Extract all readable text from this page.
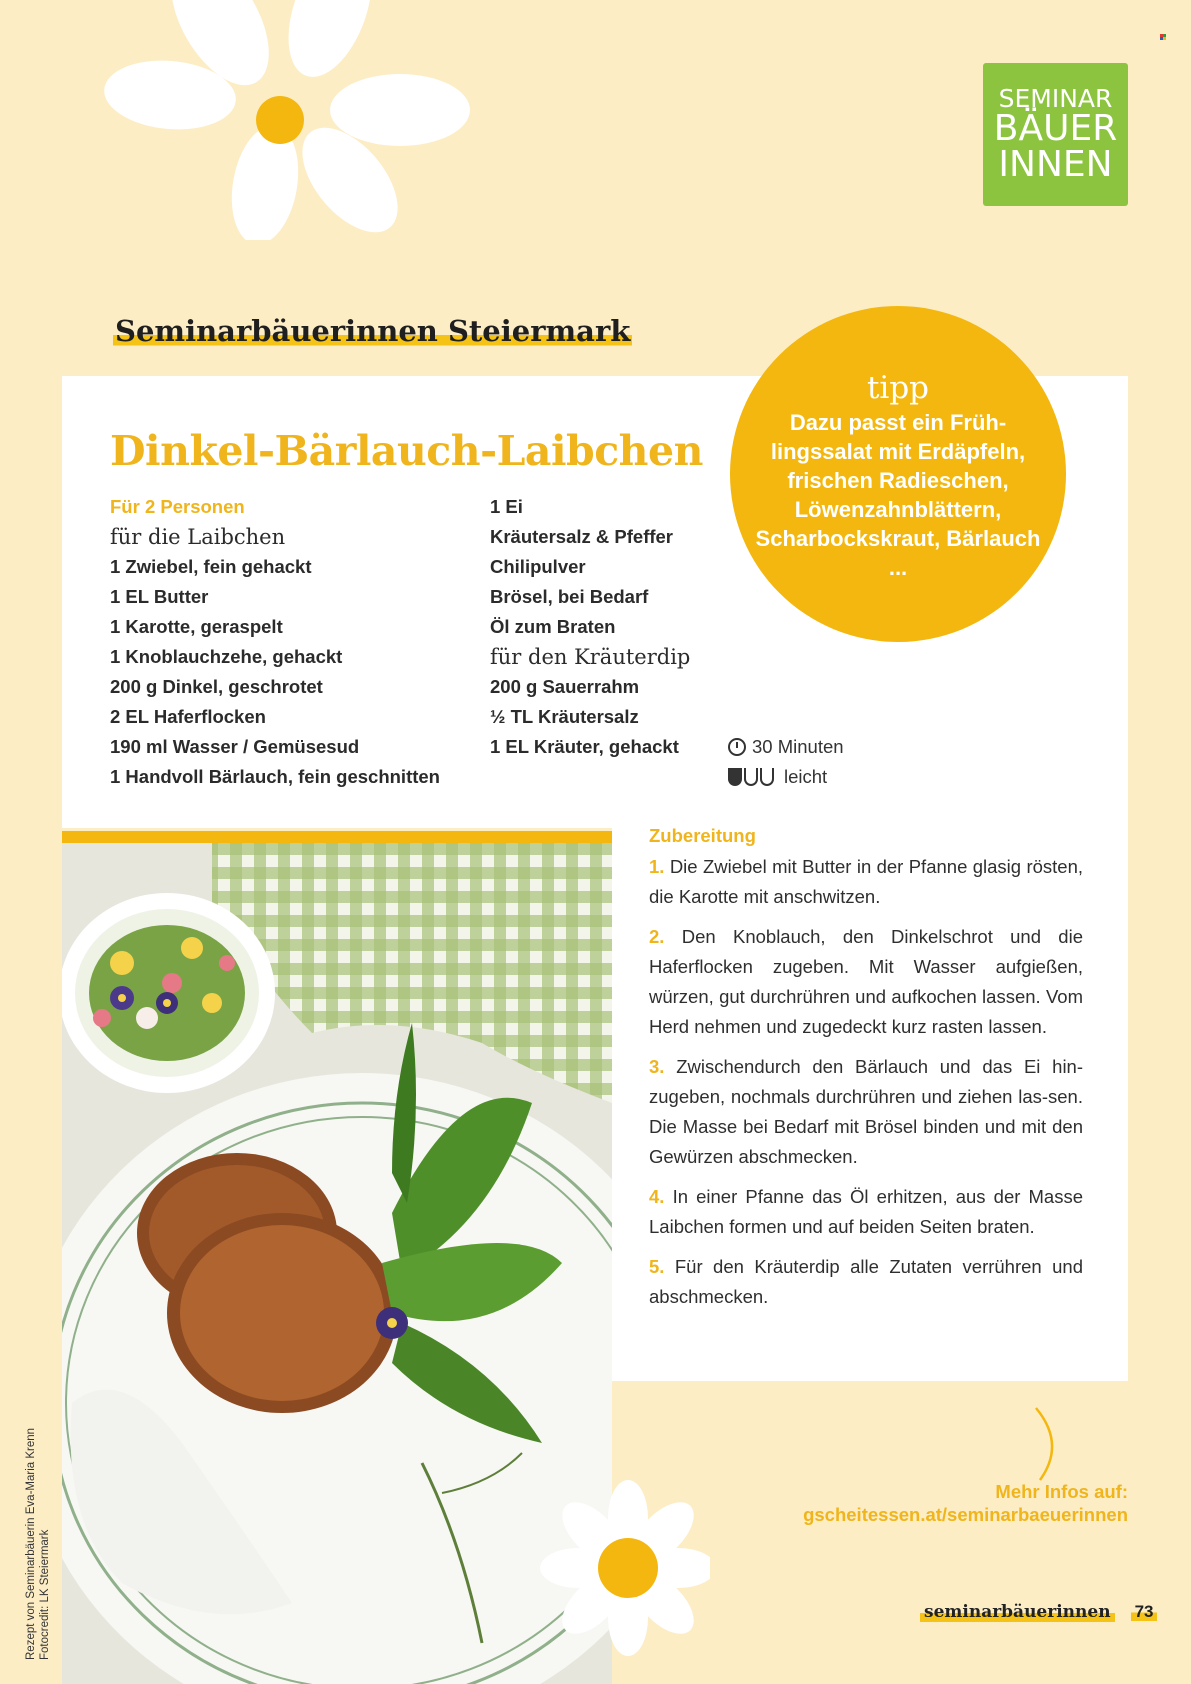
SEMINAR
BÄUER
INNEN
Seminarbäuerinnen Steiermark
Dinkel-Bärlauch-Laibchen
Für 2 Personen
für die Laibchen
1 Zwiebel, fein gehackt
1 EL Butter
1 Karotte, geraspelt
1 Knoblauchzehe, gehackt
200 g Dinkel, geschrotet
2 EL Haferflocken
190 ml Wasser / Gemüsesud
1 Handvoll Bärlauch, fein geschnitten
1 Ei
Kräutersalz & Pfeffer
Chilipulver
Brösel, bei Bedarf
Öl zum Braten
für den Kräuterdip
200 g Sauerrahm
½ TL Kräutersalz
1 EL Kräuter, gehackt	30 Minuten
leicht
tipp
Dazu passt ein Früh-lingssalat mit Erdäpfeln, frischen Radieschen, Löwenzahnblättern, Scharbockskraut, Bärlauch ...
Zubereitung

1. Die Zwiebel mit Butter in der Pfanne glasig rösten, die Karotte mit anschwitzen.

2. Den Knoblauch, den Dinkelschrot und die Haferflocken zugeben. Mit Wasser aufgießen, würzen, gut durchrühren und aufkochen lassen. Vom Herd nehmen und zugedeckt kurz rasten lassen.

3. Zwischendurch den Bärlauch und das Ei hin-zugeben, nochmals durchrühren und ziehen las-sen. Die Masse bei Bedarf mit Brösel binden und mit den Gewürzen abschmecken.

4. In einer Pfanne das Öl erhitzen, aus der Masse Laibchen formen und auf beiden Seiten braten.

5. Für den Kräuterdip alle Zutaten verrühren und abschmecken.

Rezept von Seminarbäuerin Eva-Maria Krenn Fotocredit: LK Steiermark
Mehr Infos auf:
gscheitessen.at/seminarbaeuerinnen
seminarbäuerinnen 73
